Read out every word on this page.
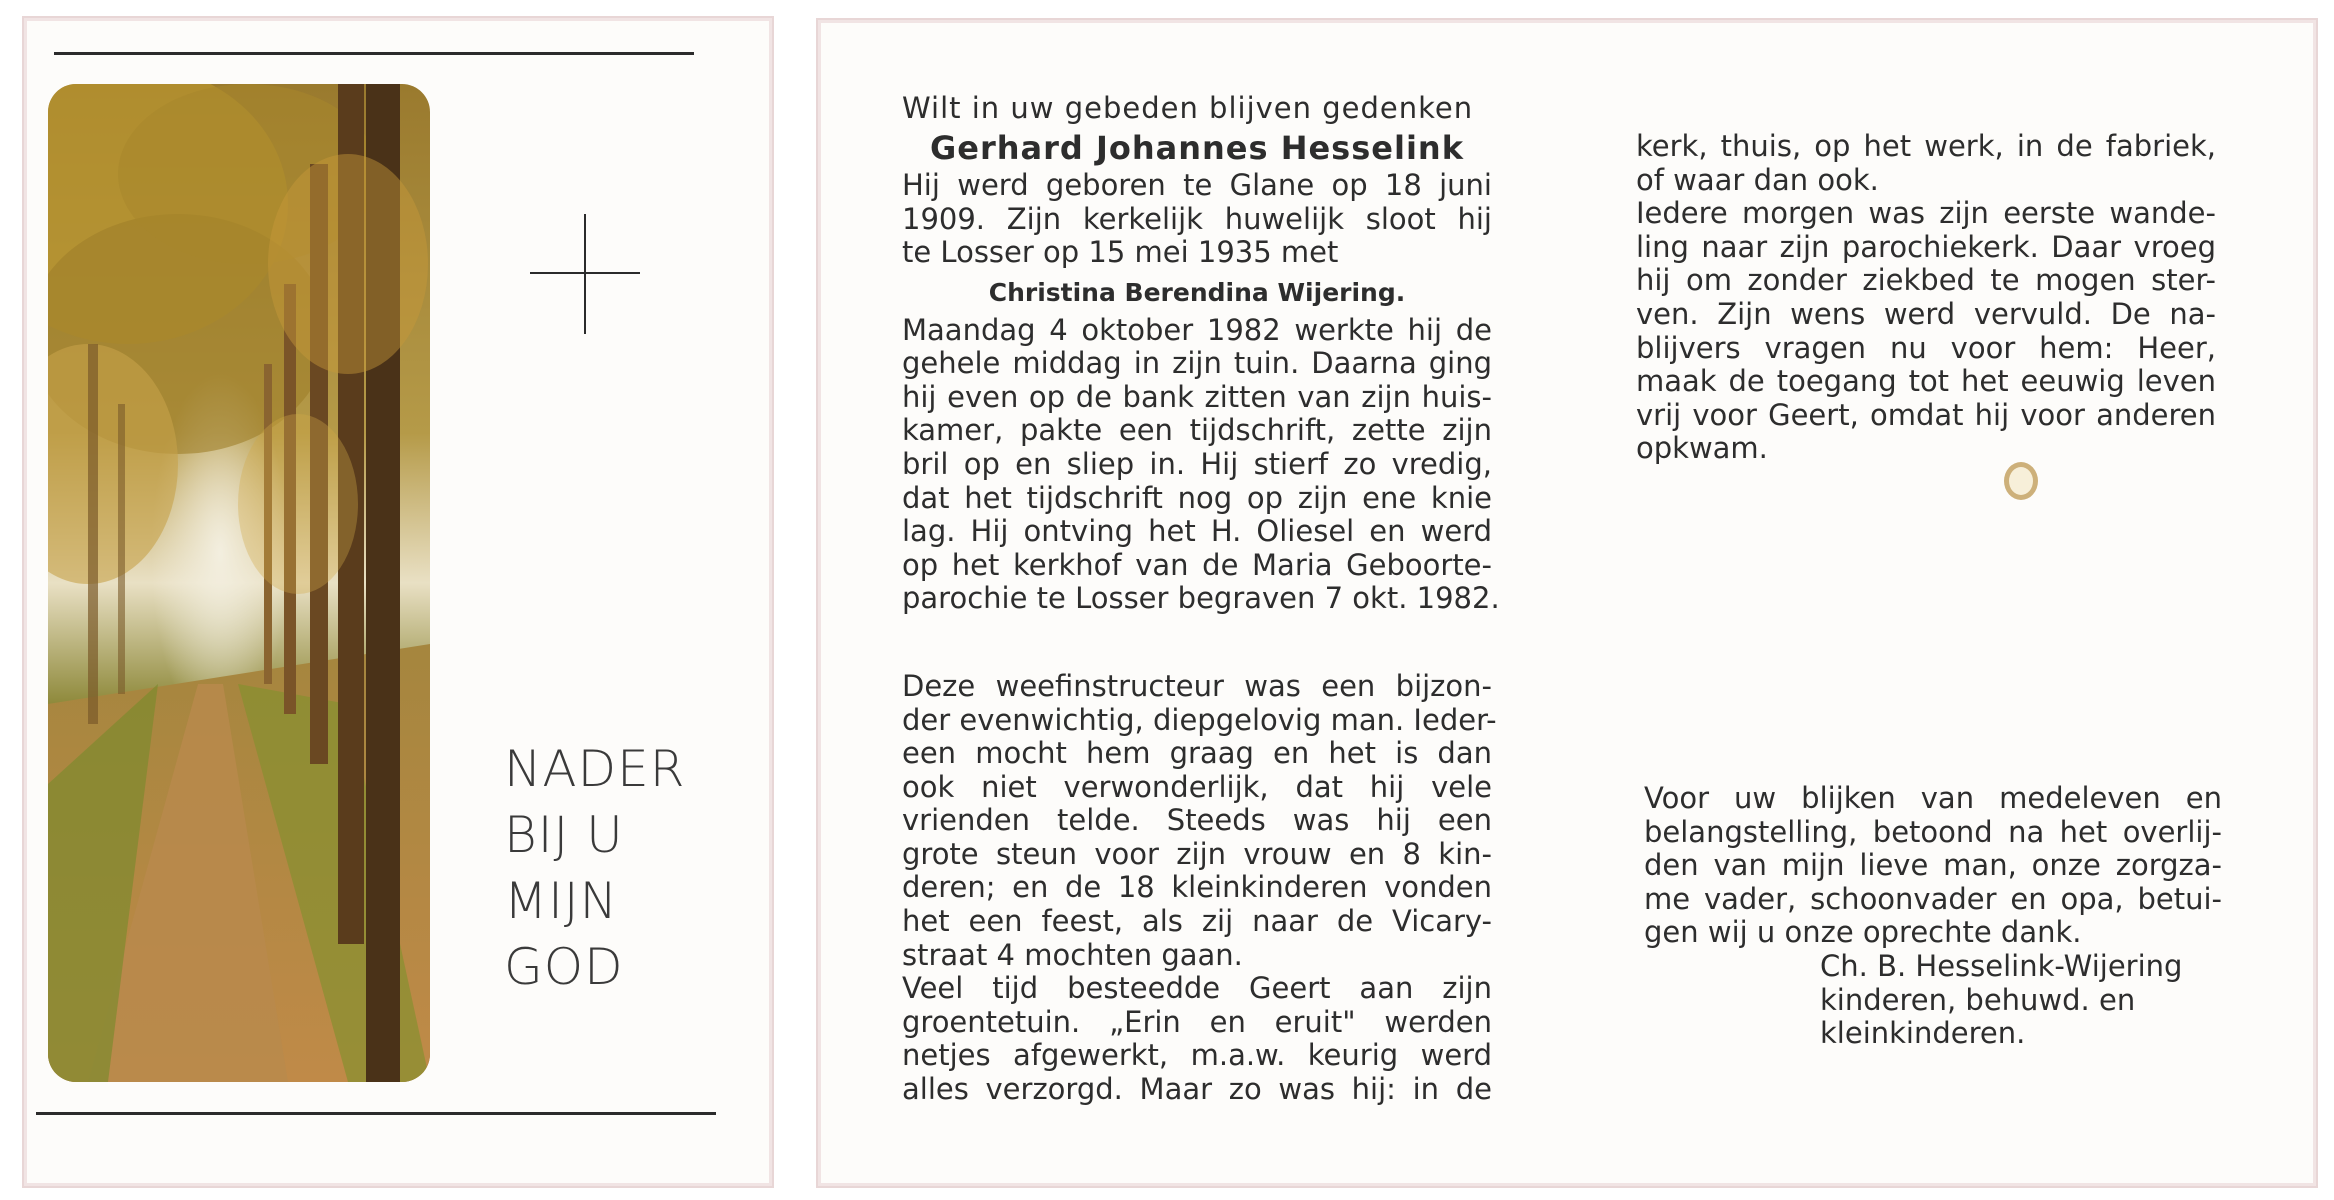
NADER
BIJ U
MIJN
GOD
Wilt in uw gebeden blijven gedenken
Gerhard Johannes Hesselink
Hij werd geboren te Glane op 18 juni
1909. Zijn kerkelijk huwelijk sloot hij
te Losser op 15 mei 1935 met
Christina Berendina Wijering.
Maandag 4 oktober 1982 werkte hij de
gehele middag in zijn tuin. Daarna ging
hij even op de bank zitten van zijn huis-
kamer, pakte een tijdschrift, zette zijn
bril op en sliep in. Hij stierf zo vredig,
dat het tijdschrift nog op zijn ene knie
lag. Hij ontving het H. Oliesel en werd
op het kerkhof van de Maria Geboorte-
parochie te Losser begraven 7 okt. 1982.
Deze weefinstructeur was een bijzon-
der evenwichtig, diepgelovig man. Ieder-
een mocht hem graag en het is dan
ook niet verwonderlijk, dat hij vele
vrienden telde. Steeds was hij een
grote steun voor zijn vrouw en 8 kin-
deren; en de 18 kleinkinderen vonden
het een feest, als zij naar de Vicary-
straat 4 mochten gaan.
Veel tijd besteedde Geert aan zijn
groentetuin. „Erin en eruit" werden
netjes afgewerkt, m.a.w. keurig werd
alles verzorgd. Maar zo was hij: in de
kerk, thuis, op het werk, in de fabriek,
of waar dan ook.
Iedere morgen was zijn eerste wande-
ling naar zijn parochiekerk. Daar vroeg
hij om zonder ziekbed te mogen ster-
ven. Zijn wens werd vervuld. De na-
blijvers vragen nu voor hem: Heer,
maak de toegang tot het eeuwig leven
vrij voor Geert, omdat hij voor anderen
opkwam.
Voor uw blijken van medeleven en
belangstelling, betoond na het overlij-
den van mijn lieve man, onze zorgza-
me vader, schoonvader en opa, betui-
gen wij u onze oprechte dank.
Ch. B. Hesselink-Wijering
kinderen, behuwd. en
kleinkinderen.
